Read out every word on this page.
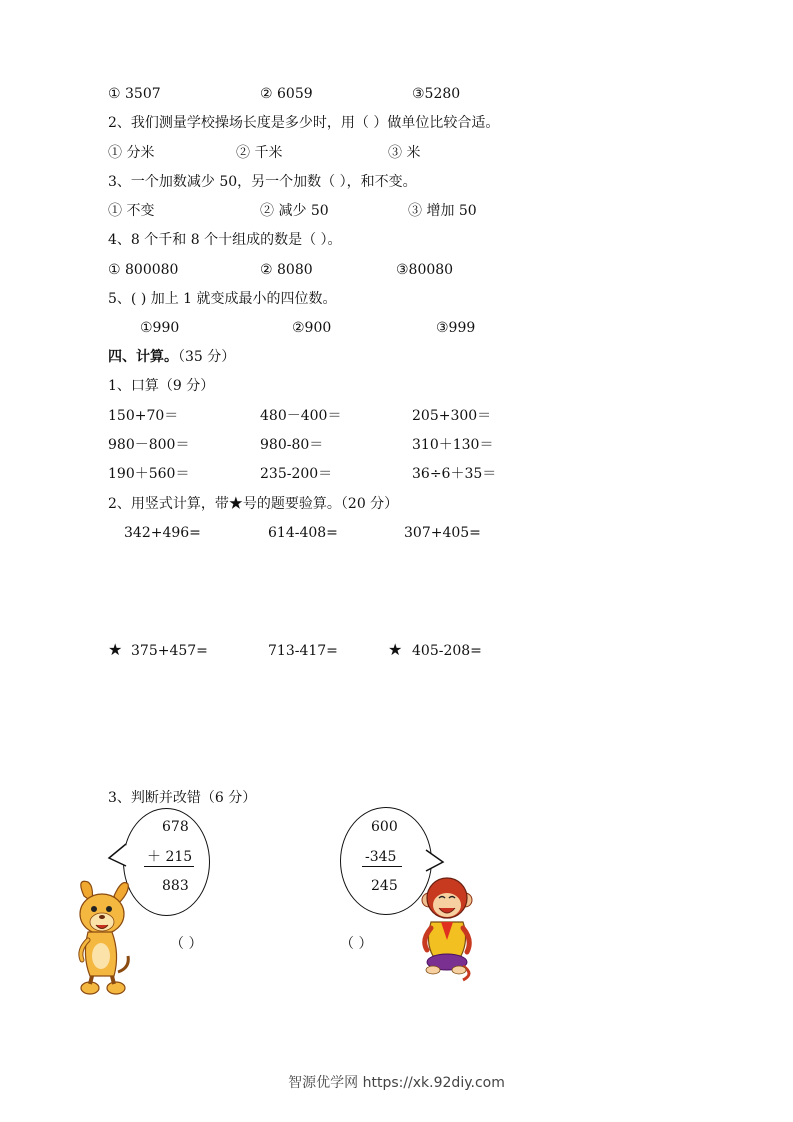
① 3507	② 6059	③5280
2、我们测量学校操场长度是多少时，用（ ）做单位比较合适。
① 分米	② 千米	③ 米
3、一个加数减少 50，另一个加数（ ），和不变。
① 不变	② 减少 50	③ 增加 50
4、8 个千和 8 个十组成的数是（ ）。
① 800080	② 8080	③80080
5、( ) 加上 1 就变成最小的四位数。
①990	②900	③999
四、计算。（35 分）
1、口算（9 分）
150+70＝	480－400＝	205+300＝
980－800＝	980-80＝	310＋130＝
190＋560＝	235-200＝	36÷6＋35＝
2、用竖式计算，带★号的题要验算。（20 分）
342+496=	614-408=	307+405=
★ 375+457=	713-417=	★ 405-208=
3、判断并改错（6 分）
678
＋ 215
883
（ ）
600
-345
245
（ ）
智源优学网 https://xk.92diy.com
